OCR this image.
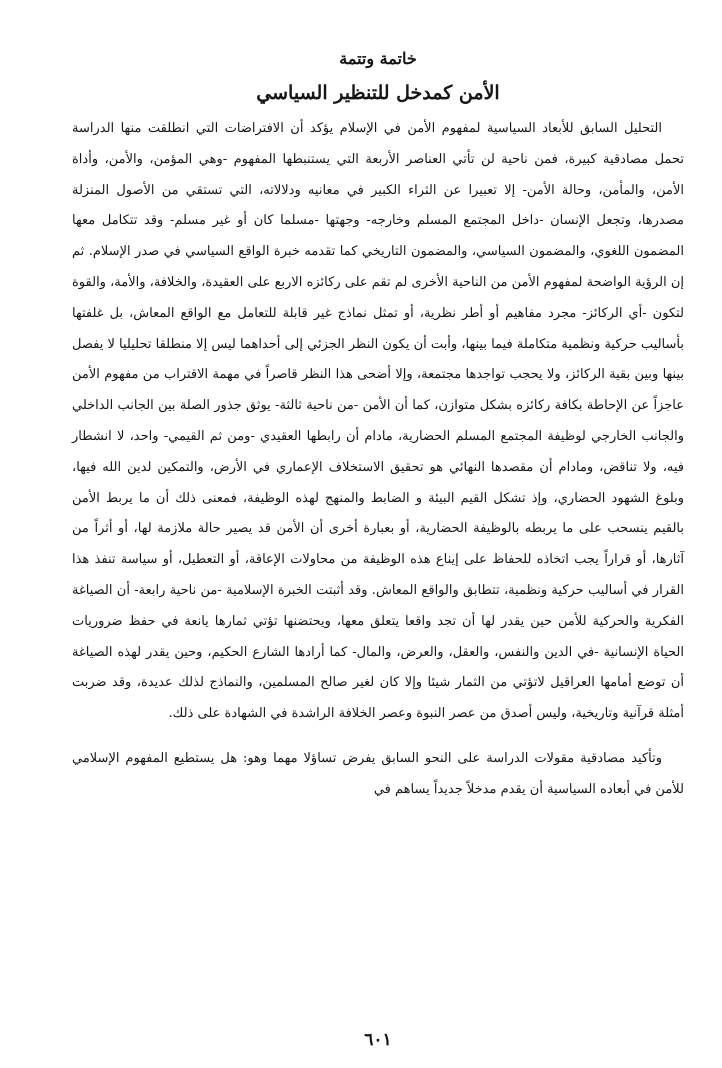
خاتمة وتتمة

الأمن كمدخل للتنظير السياسي

التحليل السابق للأبعاد السياسية لمفهوم الأمن في الإسلام يؤكد أن الافتراضات التي انطلقت منها الدراسة تحمل مصادقية كبيرة، فمن ناحية لن تأتي العناصر الأربعة التي يستنبطها المفهوم -وهي المؤمن، والأمن، وأداة الأمن، والمأمن، وحالة الأمن- إلا تعبيرا عن الثراء الكبير في معانيه ودلالاته، التي تستقي من الأصول المنزلة مصدرها، وتجعل الإنسان -داخل المجتمع المسلم وخارجه- وجهتها -مسلما كان أو غير مسلم- وقد تتكامل معها المضمون اللغوي، والمضمون السياسي، والمضمون التاريخي كما تقدمه خبرة الواقع السياسي في صدر الإسلام. ثم إن الرؤية الواضحة لمفهوم الأمن من الناحية الأخرى لم تقم على ركائزه الاربع على العقيدة، والخلافة، والأمة، والقوة لتكون -أي الركائز- مجرد مفاهيم أو أطر نظرية، أو تمثل نماذج غير قابلة للتعامل مع الواقع المعاش، بل غلفتها بأساليب حركية ونظمية متكاملة فيما بينها، وأبت أن يكون النظر الجزئي إلى أحداهما ليس إلا منطلقا تحليليا لا يفصل بينها وبين بقية الركائز، ولا يحجب تواجدها مجتمعة، وإلا أضحى هذا النظر قاصراً في مهمة الاقتراب من مفهوم الأمن عاجزاً عن الإحاطة بكافة ركائزه بشكل متوازن، كما أن الأمن -من ناحية ثالثة- يوثق جذور الصلة بين الجانب الداخلي والجانب الخارجي لوظيفة المجتمع المسلم الحضارية، مادام أن رابطها العقيدي -ومن ثم القيمي- واحد، لا انشطار فيه، ولا تناقض، ومادام أن مقصدها النهائي هو تحقيق الاستخلاف الإعماري في الأرض، والتمكين لدين الله فيها، وبلوغ الشهود الحضاري، وإذ تشكل القيم البيئة و الضابط والمنهج لهذه الوظيفة، فمعنى ذلك أن ما يربط الأمن بالقيم ينسحب على ما يربطه بالوظيفة الحضارية، أو بعبارة أخرى أن الأمن قد يصير حالة ملازمة لها، أو أثراً من آثارها، أو قراراً يجب اتخاذه للحفاظ على إيناع هذه الوظيفة من محاولات الإعاقة، أو التعطيل، أو سياسة تنفذ هذا القرار في أساليب حركية ونظمية، تتطابق والواقع المعاش. وقد أثبتت الخبرة الإسلامية -من ناحية رابعة- أن الصياغة الفكرية والحركية للأمن حين يقدر لها أن تجد واقعا يتعلق معها، ويحتضنها تؤتي ثمارها يانعة في حفظ ضروريات الحياة الإنسانية -في الدين والنفس، والعقل، والعرض، والمال- كما أرادها الشارع الحكيم، وحين يقدر لهذه الصياغة أن توضع أمامها العراقيل لاتؤتي من الثمار شيئا وإلا كان لغير صالح المسلمين، والنماذج لذلك عديدة، وقد ضربت أمثلة قرآنية وتاريخية، وليس أصدق من عصر النبوة وعصر الخلافة الراشدة في الشهادة على ذلك.

وتأكيد مصادقية مقولات الدراسة على النحو السابق يفرض تساؤلا مهما وهو: هل يستطيع المفهوم الإسلامي للأمن في أبعاده السياسية أن يقدم مدخلاً جديداً يساهم في

٦٠١
